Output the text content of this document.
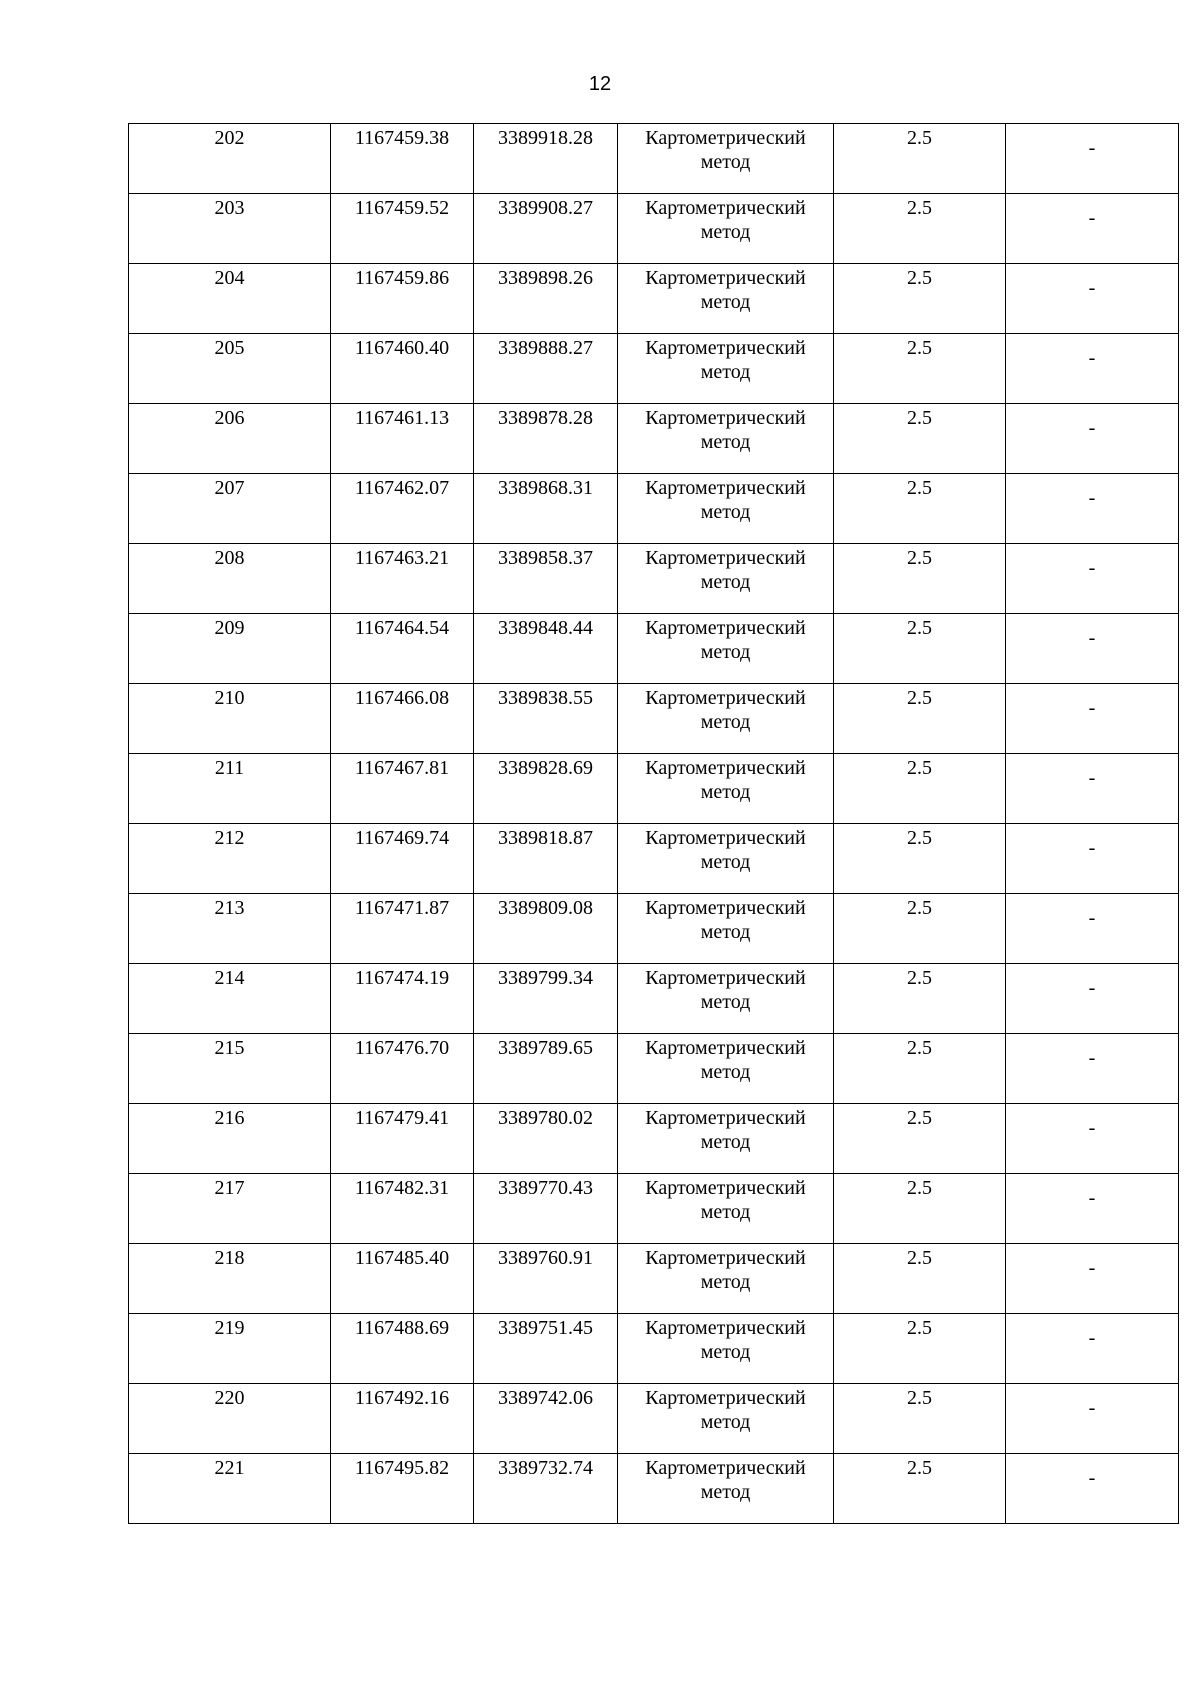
12
202	1167459.38	3389918.28	Картометрический
метод	2.5	-

203	1167459.52	3389908.27	Картометрический
метод	2.5	-

204	1167459.86	3389898.26	Картометрический
метод	2.5	-

205	1167460.40	3389888.27	Картометрический
метод	2.5	-

206	1167461.13	3389878.28	Картометрический
метод	2.5	-

207	1167462.07	3389868.31	Картометрический
метод	2.5	-

208	1167463.21	3389858.37	Картометрический
метод	2.5	-

209	1167464.54	3389848.44	Картометрический
метод	2.5	-

210	1167466.08	3389838.55	Картометрический
метод	2.5	-

211	1167467.81	3389828.69	Картометрический
метод	2.5	-

212	1167469.74	3389818.87	Картометрический
метод	2.5	-

213	1167471.87	3389809.08	Картометрический
метод	2.5	-

214	1167474.19	3389799.34	Картометрический
метод	2.5	-

215	1167476.70	3389789.65	Картометрический
метод	2.5	-

216	1167479.41	3389780.02	Картометрический
метод	2.5	-

217	1167482.31	3389770.43	Картометрический
метод	2.5	-

218	1167485.40	3389760.91	Картометрический
метод	2.5	-

219	1167488.69	3389751.45	Картометрический
метод	2.5	-

220	1167492.16	3389742.06	Картометрический
метод	2.5	-

221	1167495.82	3389732.74	Картометрический
метод	2.5	-
